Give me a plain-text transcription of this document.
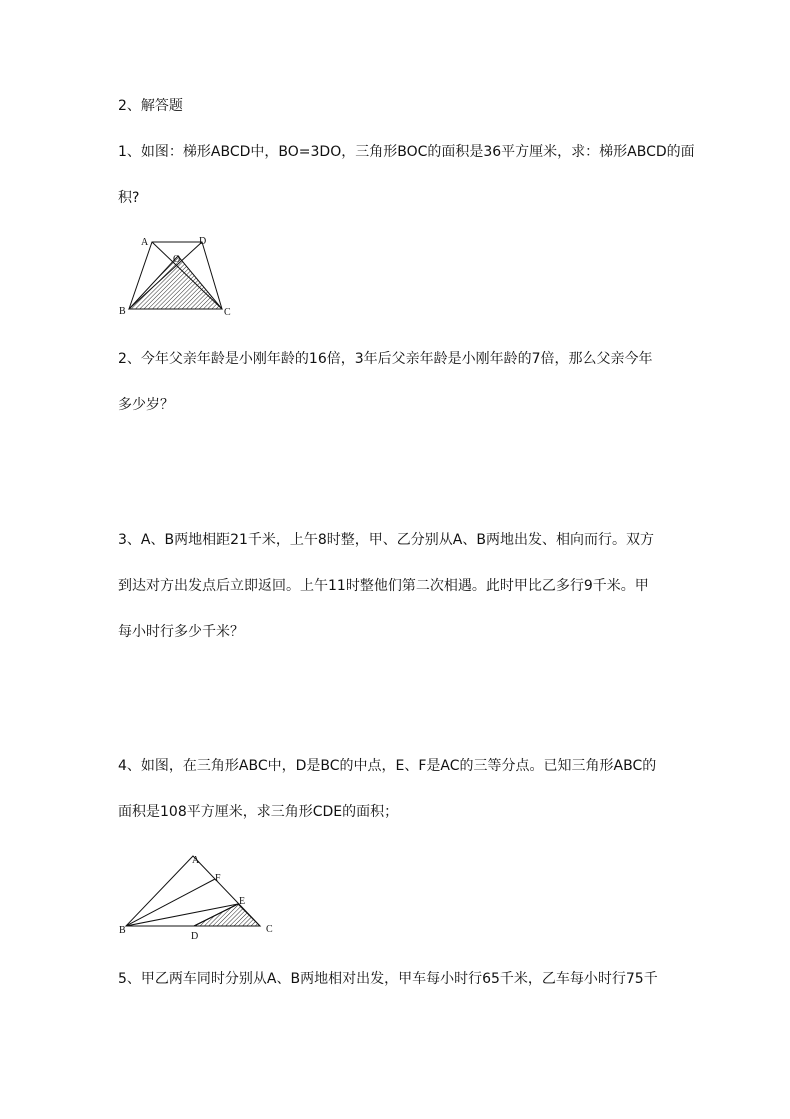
2、解答题
1、如图：梯形ABCD中，BO=3DO，三角形BOC的面积是36平方厘米，求：梯形ABCD的面
积?
A	D
O
B	C
2、今年父亲年龄是小刚年龄的16倍，3年后父亲年龄是小刚年龄的7倍，那么父亲今年
多少岁？
3、A、B两地相距21千米，上午8时整，甲、乙分别从A、B两地出发、相向而行。双方
到达对方出发点后立即返回。上午11时整他们第二次相遇。此时甲比乙多行9千米。甲
每小时行多少千米？
4、如图，在三角形ABC中，D是BC的中点，E、F是AC的三等分点。已知三角形ABC的
面积是108平方厘米，求三角形CDE的面积；
A
F
E
B
D
C
5、甲乙两车同时分别从A、B两地相对出发，甲车每小时行65千米，乙车每小时行75千
